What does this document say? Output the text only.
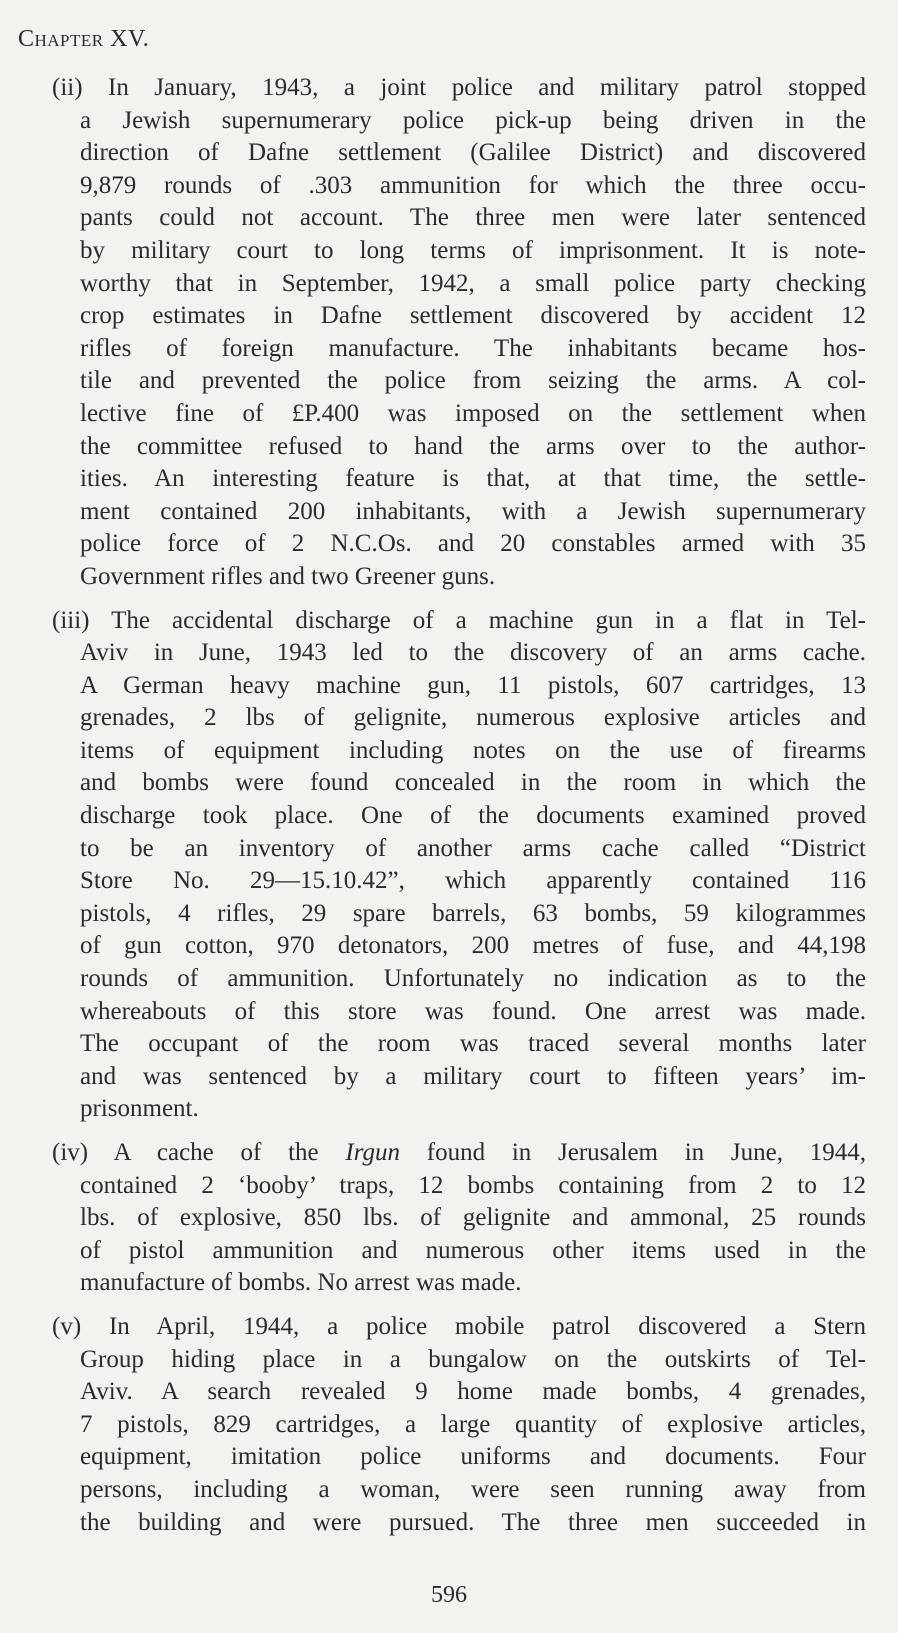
Chapter XV.
(ii) In January, 1943, a joint police and military patrol stopped
a Jewish supernumerary police pick-up being driven in the
direction of Dafne settlement (Galilee District) and discovered
9,879 rounds of .303 ammunition for which the three occu-
pants could not account. The three men were later sentenced
by military court to long terms of imprisonment. It is note-
worthy that in September, 1942, a small police party checking
crop estimates in Dafne settlement discovered by accident 12
rifles of foreign manufacture. The inhabitants became hos-
tile and prevented the police from seizing the arms. A col-
lective fine of £P.400 was imposed on the settlement when
the committee refused to hand the arms over to the author-
ities. An interesting feature is that, at that time, the settle-
ment contained 200 inhabitants, with a Jewish supernumerary
police force of 2 N.C.Os. and 20 constables armed with 35
Government rifles and two Greener guns.
(iii) The accidental discharge of a machine gun in a flat in Tel-
Aviv in June, 1943 led to the discovery of an arms cache.
A German heavy machine gun, 11 pistols, 607 cartridges, 13
grenades, 2 lbs of gelignite, numerous explosive articles and
items of equipment including notes on the use of firearms
and bombs were found concealed in the room in which the
discharge took place. One of the documents examined proved
to be an inventory of another arms cache called “District
Store No. 29—15.10.42”, which apparently contained 116
pistols, 4 rifles, 29 spare barrels, 63 bombs, 59 kilogrammes
of gun cotton, 970 detonators, 200 metres of fuse, and 44,198
rounds of ammunition. Unfortunately no indication as to the
whereabouts of this store was found. One arrest was made.
The occupant of the room was traced several months later
and was sentenced by a military court to fifteen years’ im-
prisonment.
(iv) A cache of the Irgun found in Jerusalem in June, 1944,
contained 2 ‘booby’ traps, 12 bombs containing from 2 to 12
lbs. of explosive, 850 lbs. of gelignite and ammonal, 25 rounds
of pistol ammunition and numerous other items used in the
manufacture of bombs. No arrest was made.
(v) In April, 1944, a police mobile patrol discovered a Stern
Group hiding place in a bungalow on the outskirts of Tel-
Aviv. A search revealed 9 home made bombs, 4 grenades,
7 pistols, 829 cartridges, a large quantity of explosive articles,
equipment, imitation police uniforms and documents. Four
persons, including a woman, were seen running away from
the building and were pursued. The three men succeeded in
596
